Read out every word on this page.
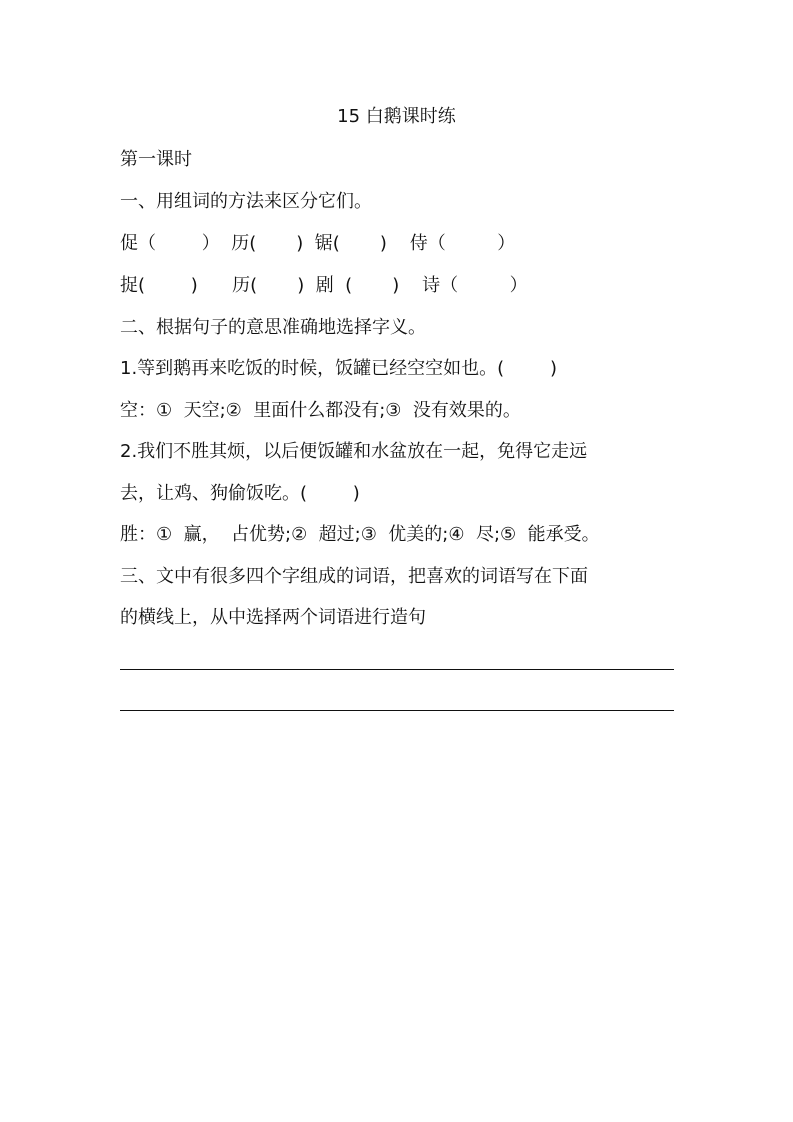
15 白鹅课时练
第一课时
一、用组词的方法来区分它们。
促（        ）  历(       )  锯(       )    侍（         ）
捉(        )      历(       )  剧  (       )    诗（         ）
二、根据句子的意思准确地选择字义。
1.等到鹅再来吃饭的时候，饭罐已经空空如也。(        )
空：①  天空;②  里面什么都没有;③  没有效果的。
2.我们不胜其烦，以后便饭罐和水盆放在一起，免得它走远
去，让鸡、狗偷饭吃。(        )
胜：①  赢，  占优势;②  超过;③  优美的;④  尽;⑤  能承受。
三、文中有很多四个字组成的词语，把喜欢的词语写在下面
的横线上，从中选择两个词语进行造句
